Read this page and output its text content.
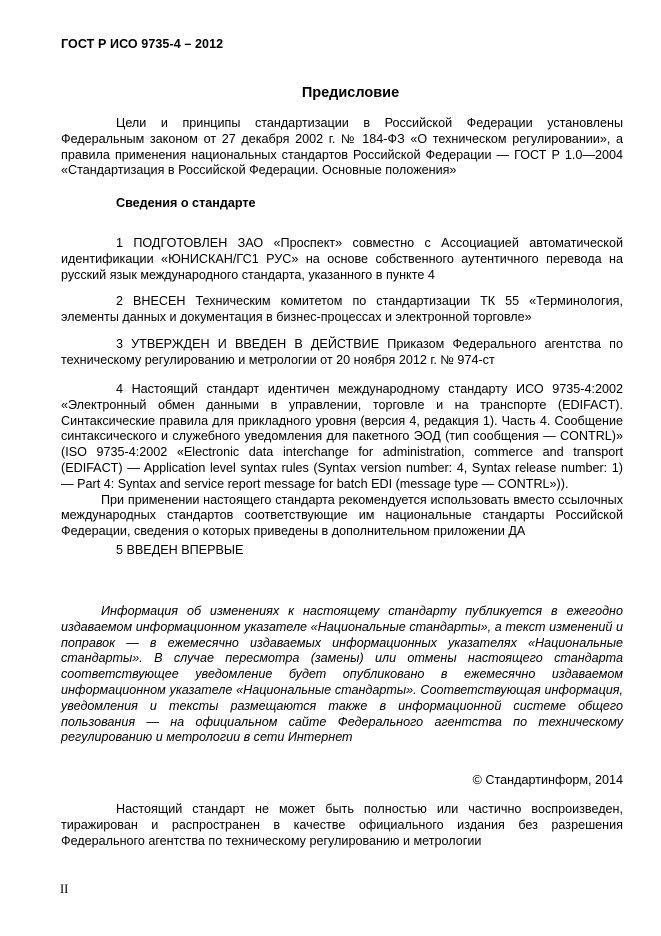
ГОСТ Р ИСО 9735-4 – 2012
Предисловие

Цели и принципы стандартизации в Российской Федерации установлены Федеральным законом от 27 декабря 2002 г. № 184-ФЗ «О техническом регулировании», а правила применения национальных стандартов Российской Федерации — ГОСТ Р 1.0—2004 «Стандартизация в Российской Федерации. Основные положения»

Сведения о стандарте

1 ПОДГОТОВЛЕН ЗАО «Проспект» совместно с Ассоциацией автоматической идентификации «ЮНИСКАН/ГС1 РУС» на основе собственного аутентичного перевода на русский язык международного стандарта, указанного в пункте 4

2 ВНЕСЕН Техническим комитетом по стандартизации ТК 55 «Терминология, элементы данных и документация в бизнес-процессах и электронной торговле»

3 УТВЕРЖДЕН И ВВЕДЕН В ДЕЙСТВИЕ Приказом Федерального агентства по техническому регулированию и метрологии от 20 ноября 2012 г. № 974-ст

4 Настоящий стандарт идентичен международному стандарту ИСО 9735-4:2002 «Электронный обмен данными в управлении, торговле и на транспорте (EDIFACT). Синтаксические правила для прикладного уровня (версия 4, редакция 1). Часть 4. Сообщение синтаксического и служебного уведомления для пакетного ЭОД (тип сообщения — CONTRL)» (ISO 9735-4:2002 «Electronic data interchange for administration, commerce and transport (EDIFACT) — Application level syntax rules (Syntax version number: 4, Syntax release number: 1) — Part 4: Syntax and service report message for batch EDI (message type — CONTRL»)).

При применении настоящего стандарта рекомендуется использовать вместо ссылочных международных стандартов соответствующие им национальные стандарты Российской Федерации, сведения о которых приведены в дополнительном приложении ДА

5 ВВЕДЕН ВПЕРВЫЕ

Информация об изменениях к настоящему стандарту публикуется в ежегодно издаваемом информационном указателе «Национальные стандарты», а текст изменений и поправок — в ежемесячно издаваемых информационных указателях «Национальные стандарты». В случае пересмотра (замены) или отмены настоящего стандарта соответствующее уведомление будет опубликовано в ежемесячно издаваемом информационном указателе «Национальные стандарты». Соответствующая информация, уведомления и тексты размещаются также в информационной системе общего пользования — на официальном сайте Федерального агентства по техническому регулированию и метрологии в сети Интернет

© Стандартинформ, 2014

Настоящий стандарт не может быть полностью или частично воспроизведен, тиражирован и распространен в качестве официального издания без разрешения Федерального агентства по техническому регулированию и метрологии

II
